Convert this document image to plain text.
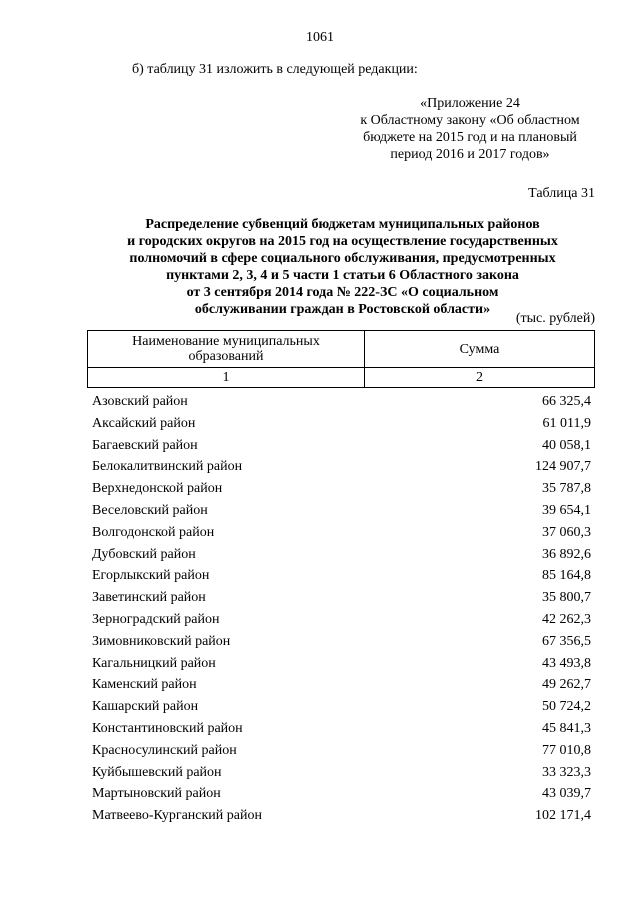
1061
б) таблицу 31 изложить в следующей редакции:
«Приложение 24
к Областному закону «Об областном
бюджете на 2015 год и на плановый
период 2016 и 2017 годов»
Таблица 31
Распределение субвенций бюджетам муниципальных районов
и городских округов на 2015 год на осуществление государственных
полномочий в сфере социального обслуживания, предусмотренных
пунктами 2, 3, 4 и 5 части 1 статьи 6 Областного закона
от 3 сентября 2014 года № 222-ЗС «О социальном
обслуживании граждан в Ростовской области»
(тыс. рублей)
Наименование муниципальных
образований	Сумма
1	2
Азовский район	66 325,4
Аксайский район	61 011,9
Багаевский район	40 058,1
Белокалитвинский район	124 907,7
Верхнедонской район	35 787,8
Веселовский район	39 654,1
Волгодонской район	37 060,3
Дубовский район	36 892,6
Егорлыкский район	85 164,8
Заветинский район	35 800,7
Зерноградский район	42 262,3
Зимовниковский район	67 356,5
Кагальницкий район	43 493,8
Каменский район	49 262,7
Кашарский район	50 724,2
Константиновский район	45 841,3
Красносулинский район	77 010,8
Куйбышевский район	33 323,3
Мартыновский район	43 039,7
Матвеево-Курганский район	102 171,4
